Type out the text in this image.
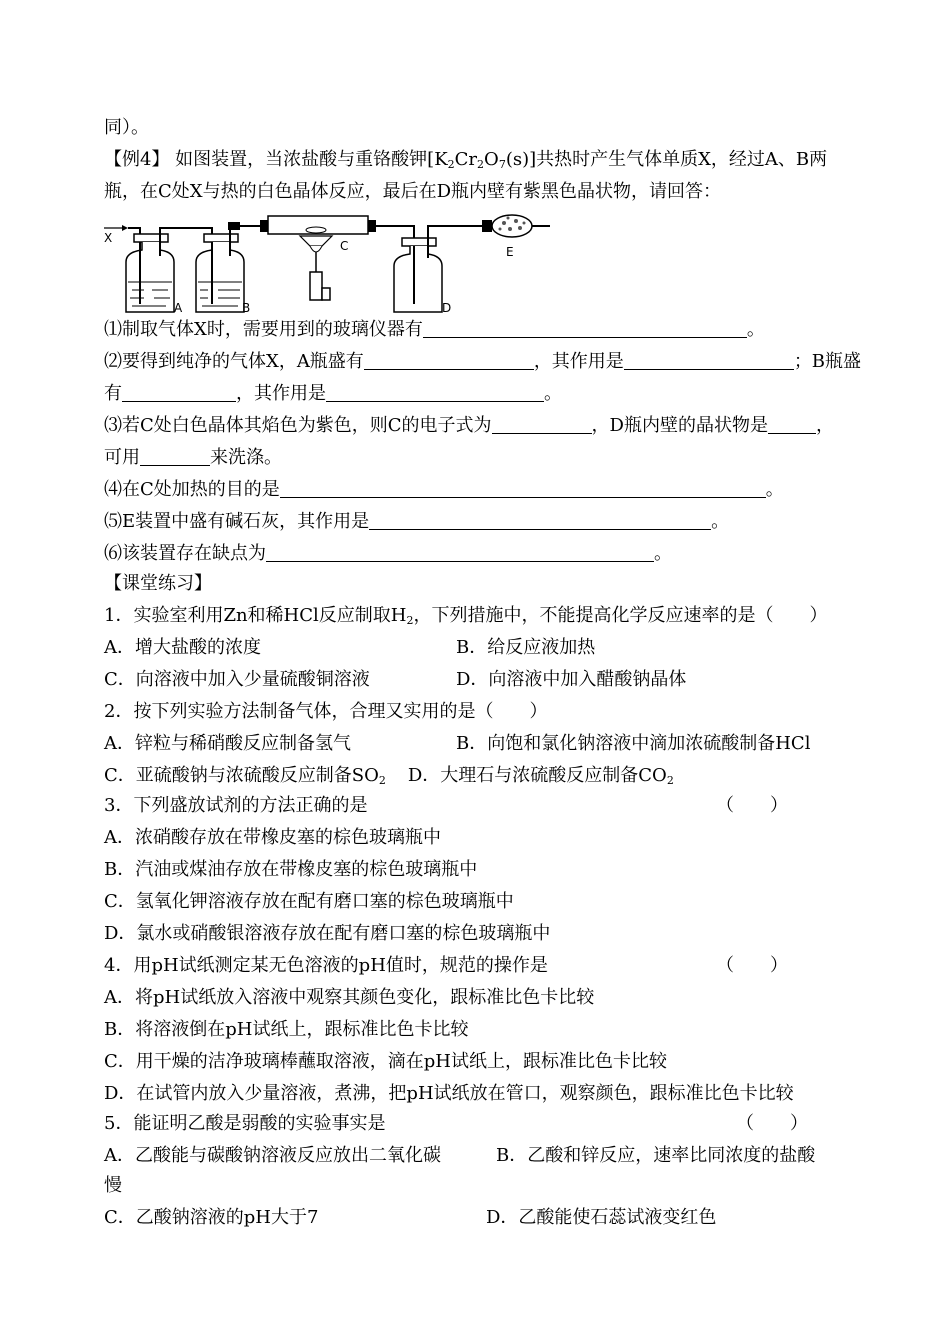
同）。
【例4】 如图装置，当浓盐酸与重铬酸钾$[K_2Cr_2O_7(s)]$共热时产生气体单质X，经过A、B两
瓶，在C处X与热的白色晶体反应，最后在D瓶内壁有紫黑色晶状物，请回答：
X
A	B
C
D
E
⑴制取气体X时，需要用到的玻璃仪器有	。
⑵要得到纯净的气体X，A瓶盛有	，其作用是	；B瓶盛
有	，其作用是	。
⑶若C处白色晶体其焰色为紫色，则C的电子式为	，D瓶内壁的晶状物是	，
可用	来洗涤。
⑷在C处加热的目的是	。
⑸E装置中盛有碱石灰，其作用是	。
⑹该装置存在缺点为	。
【课堂练习】
1．实验室利用Zn和稀HCl反应制取$H_2$，下列措施中，不能提高化学反应速率的是（　　）
A．增大盐酸的浓度	B．给反应液加热
C．向溶液中加入少量硫酸铜溶液	D．向溶液中加入醋酸钠晶体
2．按下列实验方法制备气体，合理又实用的是（　　）
A．锌粒与稀硝酸反应制备氢气	B．向饱和氯化钠溶液中滴加浓硫酸制备HCl
C．亚硫酸钠与浓硫酸反应制备$SO_2$ D．大理石与浓硫酸反应制备$CO_2$
3．下列盛放试剂的方法正确的是	（　　）
A．浓硝酸存放在带橡皮塞的棕色玻璃瓶中
B．汽油或煤油存放在带橡皮塞的棕色玻璃瓶中
C．氢氧化钾溶液存放在配有磨口塞的棕色玻璃瓶中
D．氯水或硝酸银溶液存放在配有磨口塞的棕色玻璃瓶中
4．用pH试纸测定某无色溶液的pH值时，规范的操作是	（　　）
A．将pH试纸放入溶液中观察其颜色变化，跟标准比色卡比较
B．将溶液倒在pH试纸上，跟标准比色卡比较
C．用干燥的洁净玻璃棒蘸取溶液，滴在pH试纸上，跟标准比色卡比较
D．在试管内放入少量溶液，煮沸，把pH试纸放在管口，观察颜色，跟标准比色卡比较
5．能证明乙酸是弱酸的实验事实是	（　　）
A．乙酸能与碳酸钠溶液反应放出二氧化碳	B．乙酸和锌反应，速率比同浓度的盐酸
慢
C．乙酸钠溶液的pH大于7	D．乙酸能使石蕊试液变红色
